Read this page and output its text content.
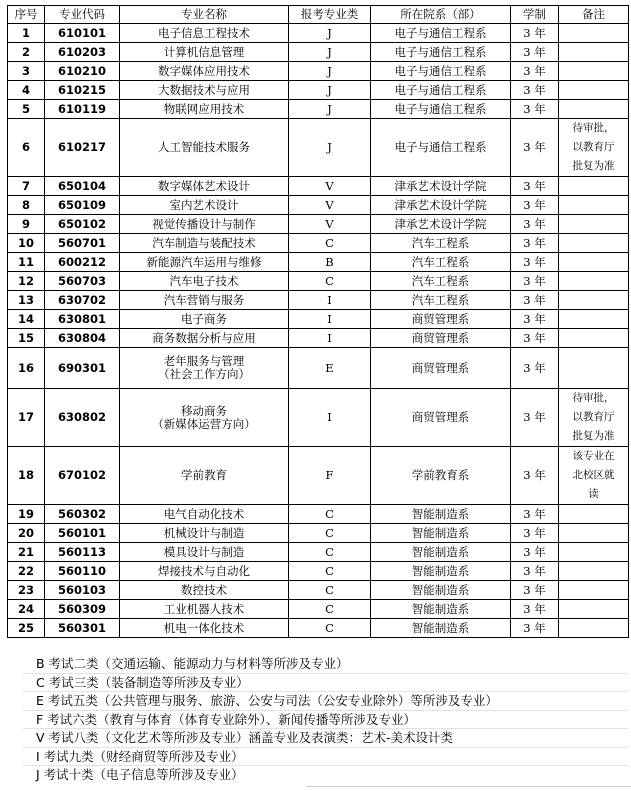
序号	专业代码	专业名称	报考专业类	所在院系（部）	学制	备注
1	610101	电子信息工程技术	J	电子与通信工程系	3 年	
2	610203	计算机信息管理	J	电子与通信工程系	3 年	
3	610210	数字媒体应用技术	J	电子与通信工程系	3 年	
4	610215	大数据技术与应用	J	电子与通信工程系	3 年	
5	610119	物联网应用技术	J	电子与通信工程系	3 年	
6	610217	人工智能技术服务	J	电子与通信工程系	3 年	待审批，
以教育厅
批复为准

7	650104	数字媒体艺术设计	V	津承艺术设计学院	3 年	
8	650109	室内艺术设计	V	津承艺术设计学院	3 年	
9	650102	视觉传播设计与制作	V	津承艺术设计学院	3 年	
10	560701	汽车制造与装配技术	C	汽车工程系	3 年	
11	600212	新能源汽车运用与维修	B	汽车工程系	3 年	
12	560703	汽车电子技术	C	汽车工程系	3 年	
13	630702	汽车营销与服务	I	汽车工程系	3 年	
14	630801	电子商务	I	商贸管理系	3 年	
15	630804	商务数据分析与应用	I	商贸管理系	3 年	
16	690301	老年服务与管理
（社会工作方向）	E	商贸管理系	3 年	
17	630802	移动商务
（新媒体运营方向）	I	商贸管理系	3 年	待审批，
以教育厅
批复为准

18	670102	学前教育	F	学前教育系	3 年	该专业在
北校区就
读

19	560302	电气自动化技术	C	智能制造系	3 年	
20	560101	机械设计与制造	C	智能制造系	3 年	
21	560113	模具设计与制造	C	智能制造系	3 年	
22	560110	焊接技术与自动化	C	智能制造系	3 年	
23	560103	数控技术	C	智能制造系	3 年	
24	560309	工业机器人技术	C	智能制造系	3 年	
25	560301	机电一体化技术	C	智能制造系	3 年	
B 考试二类（交通运输、能源动力与材料等所涉及专业）
C 考试三类（装备制造等所涉及专业）
E 考试五类（公共管理与服务、旅游、公安与司法（公安专业除外）等所涉及专业）
F 考试六类（教育与体育（体育专业除外）、新闻传播等所涉及专业）
V 考试八类（文化艺术等所涉及专业）涵盖专业及表演类：艺术-美术设计类
I 考试九类（财经商贸等所涉及专业）
J 考试十类（电子信息等所涉及专业）
